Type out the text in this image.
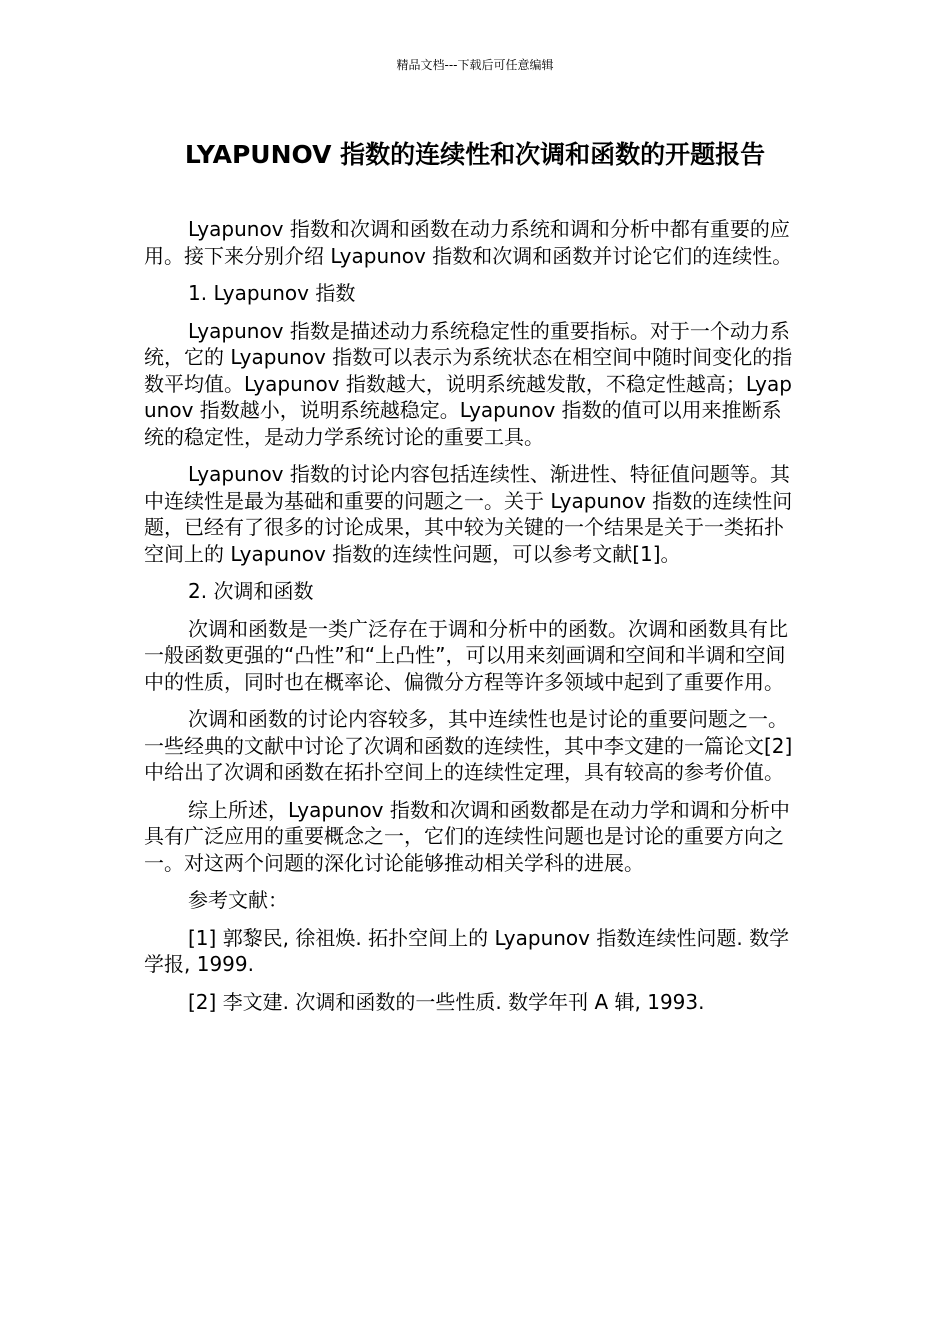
精品文档---下载后可任意编辑
LYAPUNOV 指数的连续性和次调和函数的开题报告

Lyapunov 指数和次调和函数在动力系统和调和分析中都有重要的应用。接下来分别介绍 Lyapunov 指数和次调和函数并讨论它们的连续性。

1. Lyapunov 指数

Lyapunov 指数是描述动力系统稳定性的重要指标。对于一个动力系统，它的 Lyapunov 指数可以表示为系统状态在相空间中随时间变化的指数平均值。Lyapunov 指数越大，说明系统越发散，不稳定性越高；Lyapunov 指数越小，说明系统越稳定。Lyapunov 指数的值可以用来推断系统的稳定性，是动力学系统讨论的重要工具。

Lyapunov 指数的讨论内容包括连续性、渐进性、特征值问题等。其中连续性是最为基础和重要的问题之一。关于 Lyapunov 指数的连续性问题，已经有了很多的讨论成果，其中较为关键的一个结果是关于一类拓扑空间上的 Lyapunov 指数的连续性问题，可以参考文献[1]。

2. 次调和函数

次调和函数是一类广泛存在于调和分析中的函数。次调和函数具有比一般函数更强的“凸性”和“上凸性”，可以用来刻画调和空间和半调和空间中的性质，同时也在概率论、偏微分方程等许多领域中起到了重要作用。

次调和函数的讨论内容较多，其中连续性也是讨论的重要问题之一。一些经典的文献中讨论了次调和函数的连续性，其中李文建的一篇论文[2]中给出了次调和函数在拓扑空间上的连续性定理，具有较高的参考价值。

综上所述，Lyapunov 指数和次调和函数都是在动力学和调和分析中具有广泛应用的重要概念之一，它们的连续性问题也是讨论的重要方向之一。对这两个问题的深化讨论能够推动相关学科的进展。

参考文献：

[1] 郭黎民, 徐祖焕. 拓扑空间上的 Lyapunov 指数连续性问题. 数学学报, 1999.

[2] 李文建. 次调和函数的一些性质. 数学年刊 A 辑, 1993.
